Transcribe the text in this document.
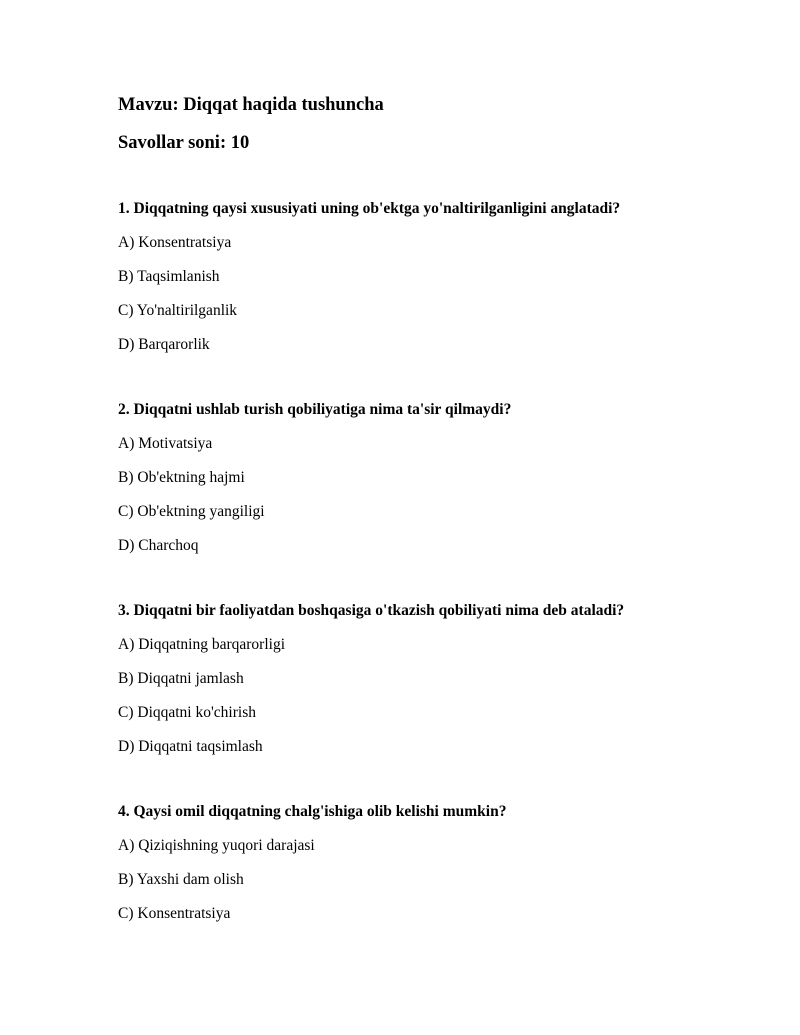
Mavzu: Diqqat haqida tushuncha
Savollar soni: 10

1. Diqqatning qaysi xususiyati uning ob'ektga yo'naltirilganligini anglatadi?

A) Konsentratsiya
B) Taqsimlanish
C) Yo'naltirilganlik
D) Barqarorlik

2. Diqqatni ushlab turish qobiliyatiga nima ta'sir qilmaydi?

A) Motivatsiya
B) Ob'ektning hajmi
C) Ob'ektning yangiligi
D) Charchoq

3. Diqqatni bir faoliyatdan boshqasiga o'tkazish qobiliyati nima deb ataladi?

A) Diqqatning barqarorligi
B) Diqqatni jamlash
C) Diqqatni ko'chirish
D) Diqqatni taqsimlash

4. Qaysi omil diqqatning chalg'ishiga olib kelishi mumkin?

A) Qiziqishning yuqori darajasi
B) Yaxshi dam olish
C) Konsentratsiya
